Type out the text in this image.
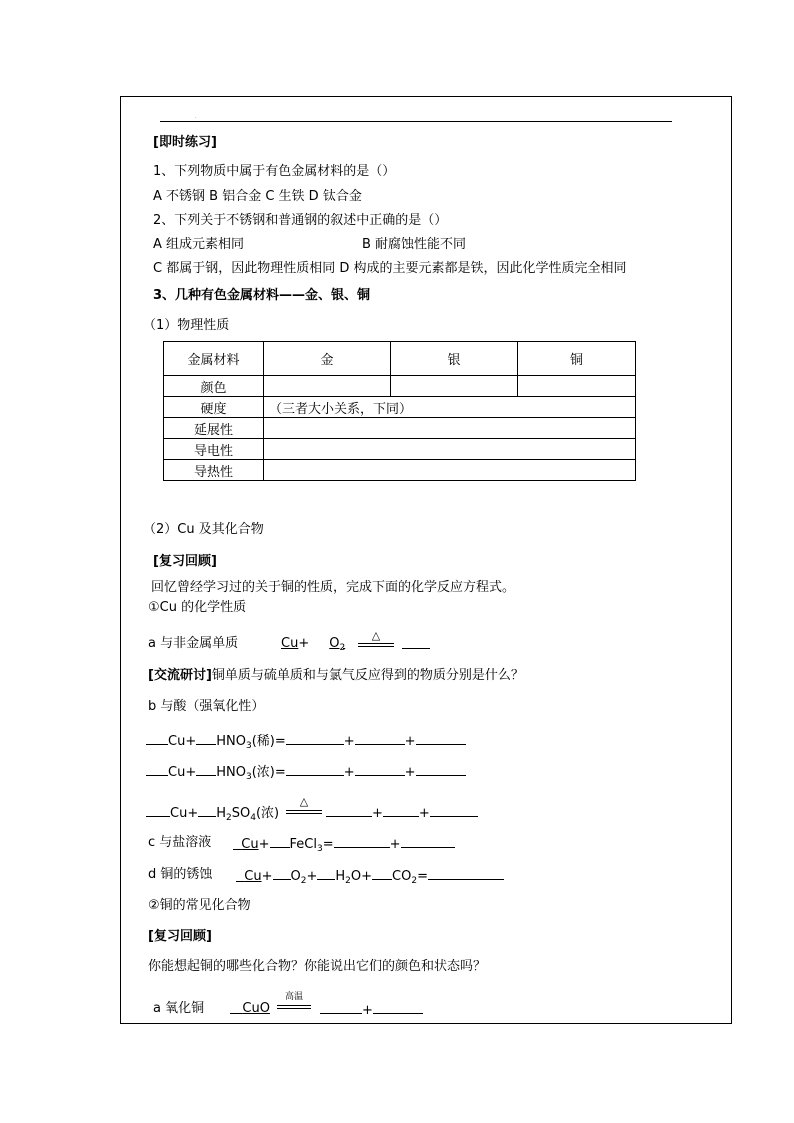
·
[即时练习]
1、下列物质中属于有色金属材料的是（）
A 不锈钢 B 铝合金 C 生铁 D 钛合金
2、下列关于不锈钢和普通钢的叙述中正确的是（）
A 组成元素相同	B 耐腐蚀性能不同
C 都属于钢，因此物理性质相同 D 构成的主要元素都是铁，因此化学性质完全相同
3、几种有色金属材料——金、银、铜
（1）物理性质
金属材料	金	银	铜
颜色			
硬度	（三者大小关系，下同）		
延展性			
导电性			
导热性			
（2）Cu 及其化合物
[复习回顾]
回忆曾经学习过的关于铜的性质，完成下面的化学反应方程式。
①Cu 的化学性质
a 与非金属单质	$Cu+ O_2$
△
[交流研讨]铜单质与硫单质和与氯气反应得到的物质分别是什么？
b 与酸（强氧化性）
$Cu+ HNO_3$(稀)=	+	+
$Cu+ HNO_3$(浓)=	+	+
$Cu+ H_2SO_4$(浓)
△
+	+
c 与盐溶液	Cu+ FeCl$_3$=	+
d 铜的锈蚀	$Cu+ O_2+ H_2O+ CO_2=$
②铜的常见化合物
[复习回顾]
你能想起铜的哪些化合物？你能说出它们的颜色和状态吗？
a 氧化铜	CuO
高温
+
